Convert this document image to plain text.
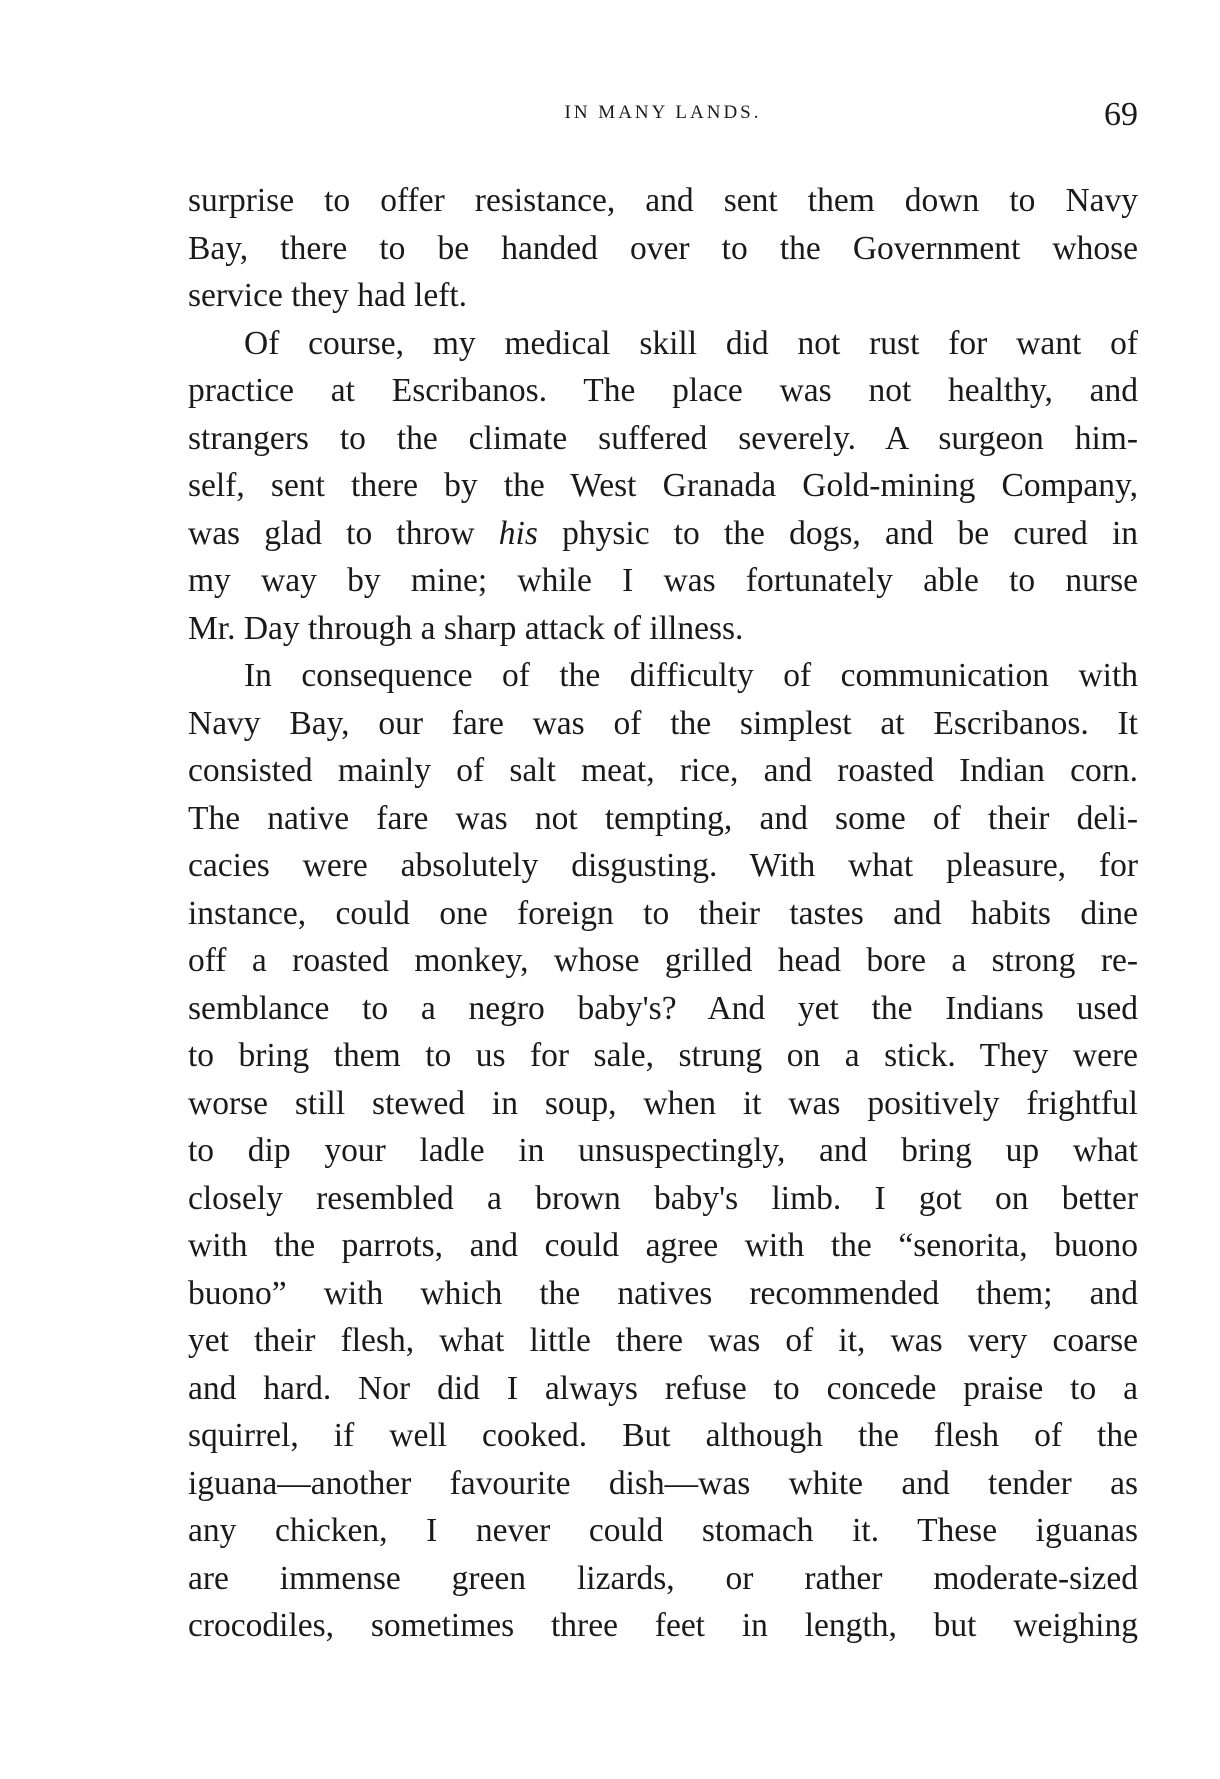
IN MANY LANDS.	69
surprise to offer resistance, and sent them down to Navy
Bay, there to be handed over to the Government whose
service they had left.
Of course, my medical skill did not rust for want of
practice at Escribanos. The place was not healthy, and
strangers to the climate suffered severely. A surgeon him-
self, sent there by the West Granada Gold-mining Company,
was glad to throw his physic to the dogs, and be cured in
my way by mine; while I was fortunately able to nurse
Mr. Day through a sharp attack of illness.
In consequence of the difficulty of communication with
Navy Bay, our fare was of the simplest at Escribanos. It
consisted mainly of salt meat, rice, and roasted Indian corn.
The native fare was not tempting, and some of their deli-
cacies were absolutely disgusting. With what pleasure, for
instance, could one foreign to their tastes and habits dine
off a roasted monkey, whose grilled head bore a strong re-
semblance to a negro baby's? And yet the Indians used
to bring them to us for sale, strung on a stick. They were
worse still stewed in soup, when it was positively frightful
to dip your ladle in unsuspectingly, and bring up what
closely resembled a brown baby's limb. I got on better
with the parrots, and could agree with the “senorita, buono
buono” with which the natives recommended them; and
yet their flesh, what little there was of it, was very coarse
and hard. Nor did I always refuse to concede praise to a
squirrel, if well cooked. But although the flesh of the
iguana—another favourite dish—was white and tender as
any chicken, I never could stomach it. These iguanas
are immense green lizards, or rather moderate-sized
crocodiles, sometimes three feet in length, but weighing
